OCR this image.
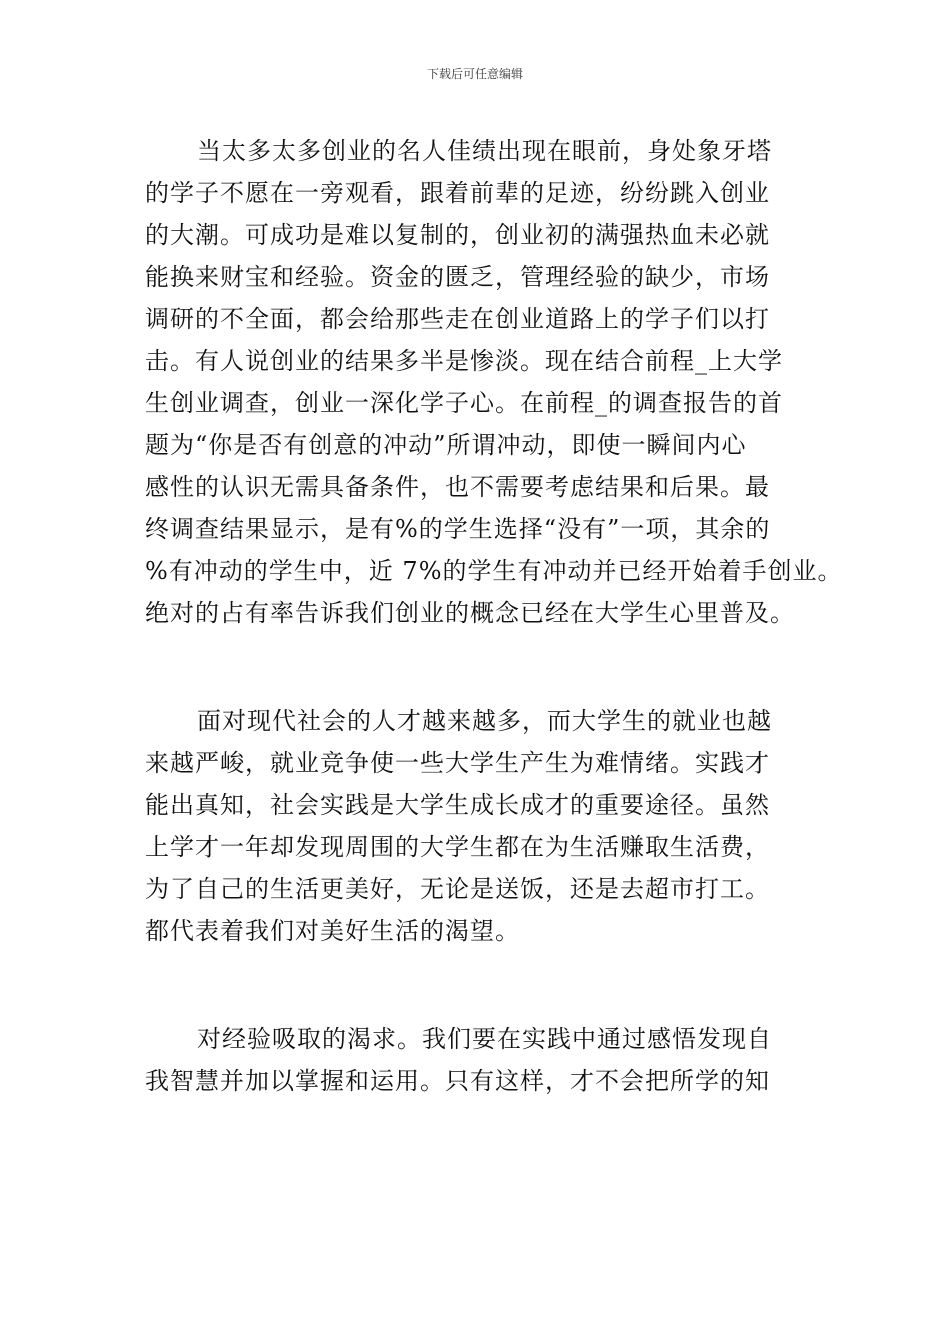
下载后可任意编辑
当太多太多创业的名人佳绩出现在眼前，身处象牙塔
的学子不愿在一旁观看，跟着前辈的足迹，纷纷跳入创业
的大潮。可成功是难以复制的，创业初的满强热血未必就
能换来财宝和经验。资金的匮乏，管理经验的缺少，市场
调研的不全面，都会给那些走在创业道路上的学子们以打
击。有人说创业的结果多半是惨淡。现在结合前程_上大学
生创业调查，创业一深化学子心。在前程_的调查报告的首
题为“你是否有创意的冲动”所谓冲动，即使一瞬间内心
感性的认识无需具备条件，也不需要考虑结果和后果。最
终调查结果显示，是有%的学生选择“没有”一项，其余的
%有冲动的学生中，近 7%的学生有冲动并已经开始着手创业。
绝对的占有率告诉我们创业的概念已经在大学生心里普及。
面对现代社会的人才越来越多，而大学生的就业也越
来越严峻，就业竞争使一些大学生产生为难情绪。实践才
能出真知，社会实践是大学生成长成才的重要途径。虽然
上学才一年却发现周围的大学生都在为生活赚取生活费，
为了自己的生活更美好，无论是送饭，还是去超市打工。
都代表着我们对美好生活的渴望。
对经验吸取的渴求。我们要在实践中通过感悟发现自
我智慧并加以掌握和运用。只有这样，才不会把所学的知
